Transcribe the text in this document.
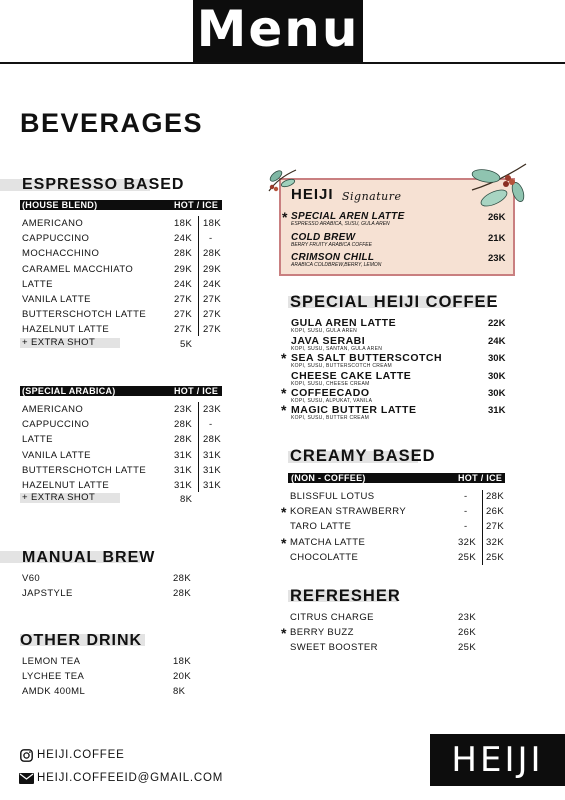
Menu
BEVERAGES
ESPRESSO BASED
(HOUSE BLEND)	HOT / ICE
AMERICANO	18K 18K
CAPPUCCINO	24K -
MOCHACCHINO	28K 28K
CARAMEL MACCHIATO	29K 29K
LATTE	24K 24K
VANILA LATTE	27K 27K
BUTTERSCHOTCH LATTE	27K 27K
HAZELNUT LATTE	27K 27K
+ EXTRA SHOT	5K
(SPECIAL ARABICA)	HOT / ICE
AMERICANO	23K 23K
CAPPUCCINO	28K -
LATTE	28K 28K
VANILA LATTE	31K 31K
BUTTERSCHOTCH LATTE	31K 31K
HAZELNUT LATTE	31K 31K
+ EXTRA SHOT	8K
MANUAL BREW
V60	28K
JAPSTYLE	28K
OTHER DRINK
LEMON TEA	18K
LYCHEE TEA	20K
AMDK 400ML	8K
HEIJI Signature
* SPECIAL AREN LATTE
ESPRESSO ARABICA, SUSU, GULA AREN
26K
COLD BREW
BERRY FRUITY ARABICA COFFEE
21K
CRIMSON CHILL
ARABICA COLDBREW,BERRY, LEMON
23K
SPECIAL HEIJI COFFEE
GULA AREN LATTE
KOPI, SUSU, GULA AREN
22K
JAVA SERABI
KOPI, SUSU, SANTAN, GULA AREN
24K
* SEA SALT BUTTERSCOTCH
KOPI, SUSU, BUTTERSCOTCH CREAM
30K
CHEESE CAKE LATTE
KOPI, SUSU, CHEESE CREAM
30K
* COFFEECADO
KOPI, SUSU, ALPUKAT, VANILA
30K
* MAGIC BUTTER LATTE
KOPI, SUSU, BUTTER CREAM
31K
CREAMY BASED
(NON - COFFEE)	HOT / ICE
BLISSFUL LOTUS	- 28K
* KOREAN STRAWBERRY	- 26K
TARO LATTE	- 27K
* MATCHA LATTE	32K 32K
CHOCOLATTE	25K 25K
REFRESHER
CITRUS CHARGE	23K
* BERRY BUZZ	26K
SWEET BOOSTER	25K
HEIJI.COFFEE
HEIJI.COFFEEID@GMAIL.COM	HEIJI
